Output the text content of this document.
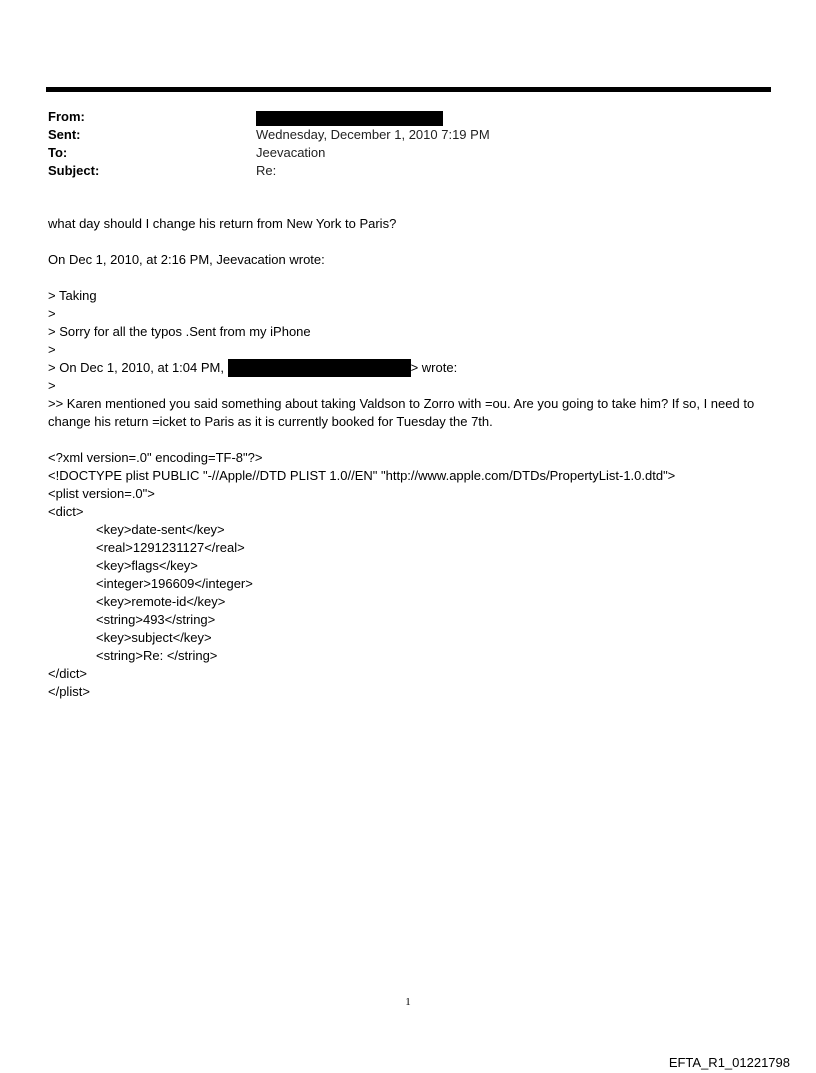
From:
Sent:	Wednesday, December 1, 2010 7:19 PM
To:	Jeevacation
Subject:	Re:
what day should I change his return from New York to Paris?
On Dec 1, 2010, at 2:16 PM, Jeevacation wrote:
> Taking
>
> Sorry for all the typos .Sent from my iPhone
>
> On Dec 1, 2010, at 1:04 PM,	> wrote:
>
>> Karen mentioned you said something about taking Valdson to Zorro with =ou. Are you going to take him? If so, I need to change his return =icket to Paris as it is currently booked for Tuesday the 7th.
<?xml version=.0" encoding=TF-8"?>
<!DOCTYPE plist PUBLIC "-//Apple//DTD PLIST 1.0//EN" "http://www.apple.com/DTDs/PropertyList-1.0.dtd">
<plist version=.0">
<dict>
<key>date-sent</key>
<real>1291231127</real>
<key>flags</key>
<integer>196609</integer>
<key>remote-id</key>
<string>493</string>
<key>subject</key>
<string>Re: </string>
</dict>
</plist>
1
EFTA_R1_01221798
